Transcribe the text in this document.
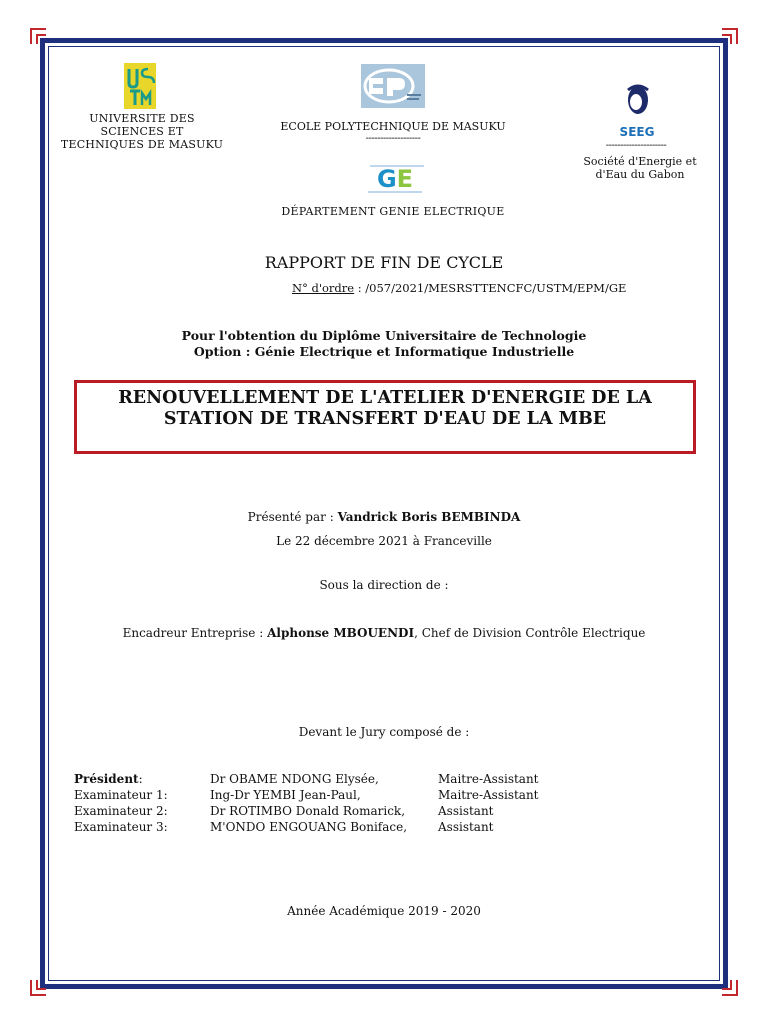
UNIVERSITE DES SCIENCES ET TECHNIQUES DE MASUKU
ECOLE POLYTECHNIQUE DE MASUKU
-------------------
GE
DÉPARTEMENT GENIE ELECTRIQUE
SEEG
---------------------
Société d'Energie et d'Eau du Gabon
RAPPORT DE FIN DE CYCLE
N° d'ordre : /057/2021/MESRSTTENCFC/USTM/EPM/GE
Pour l'obtention du Diplôme Universitaire de Technologie
Option : Génie Electrique et Informatique Industrielle
RENOUVELLEMENT DE L'ATELIER D'ENERGIE DE LA STATION DE TRANSFERT D'EAU DE LA MBE
Présenté par : Vandrick Boris BEMBINDA
Le 22 décembre 2021 à Franceville
Sous la direction de :
Encadreur Entreprise : Alphonse MBOUENDI, Chef de Division Contrôle Electrique
Devant le Jury composé de :
Président :	Dr OBAME NDONG Elysée,	Maitre-Assistant
Examinateur 1:	Ing-Dr YEMBI Jean-Paul,	Maitre-Assistant
Examinateur 2:	Dr ROTIMBO Donald Romarick,	Assistant
Examinateur 3:	M'ONDO ENGOUANG Boniface,	Assistant
Année Académique 2019 - 2020
